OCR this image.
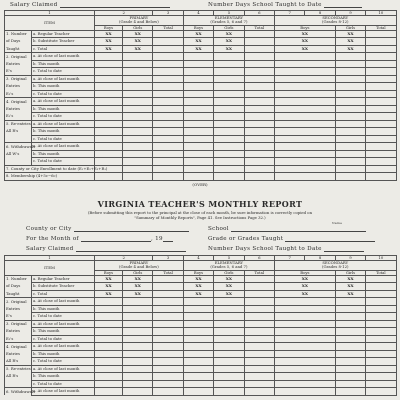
Salary Claimed	Number Days School Taught to Date
1		2		3	4	5	6	7	8	9	10
ITEM		PRIMARY
(Grade 4 and Below)			ELEMENTARY
(Grades 5, 6 and 7)			SECONDARY
(Grades 8-12)			
		Boys	Girls	Total	Boys	Girls	Total	Boys		Girls	Total
1. Number	a. Regular Teacher	XX	XX		XX	XX		XX		XX	
of Days	b. Substitute Teacher	XX	XX		XX	XX		XX		XX	
Taught	c. Total	XX	XX		XX	XX		XX		XX	
2. Original	a. At close of last month										
Entries	b. This month										
E's	c. Total to date										
3. Original	a. At close of last month										
Entries	b. This month										
E₂'s	c. Total to date										
4. Original	a. At close of last month										
Entries	b. This month										
E₃'s	c. Total to date										
5. Re-entries	a. At close of last month										
All R's	b. This month										
	c. Total to date										
6. Withdrawals	a. At close of last month										
All W's	b. This month										
	c. Total to date										
7. County or City Enrollment to date (E₁+E₂+E₃+R₁)											
8. Membership (4+5c−6c)											
(OVER)
VIRGINIA TEACHER'S MONTHLY REPORT
(Before submitting this report to the principal at the close of each month, be sure information is correctly copied on
"Summary of Monthly Reports", Page 41. See Instructions Page 32.)
County or City	School
Name
For the Month of	, 19	Grade or Grades Taught
Salary Claimed	Number Days School Taught to Date
1		2		3	4	5	6	7	8	9	10
ITEM		PRIMARY
(Grade 4 and Below)			ELEMENTARY
(Grades 5, 6 and 7)			SECONDARY
(Grades 8-12)			
		Boys	Girls	Total	Boys	Girls	Total	Boys		Girls	Total
1. Number	a. Regular Teacher	XX	XX		XX	XX		XX		XX	
of Days	b. Substitute Teacher	XX	XX		XX	XX		XX		XX	
Taught	c. Total	XX	XX		XX	XX		XX		XX	
2. Original	a. At close of last month										
Entries	b. This month										
E's	c. Total to date										
3. Original	a. At close of last month										
Entries	b. This month										
E₂'s	c. Total to date										
4. Original	a. At close of last month										
Entries	b. This month										
All R's	c. Total to date										
5. Re-entries	a. At close of last month										
All R's	b. This month										
	c. Total to date										
6. Withdrawals	a. At close of last month										
